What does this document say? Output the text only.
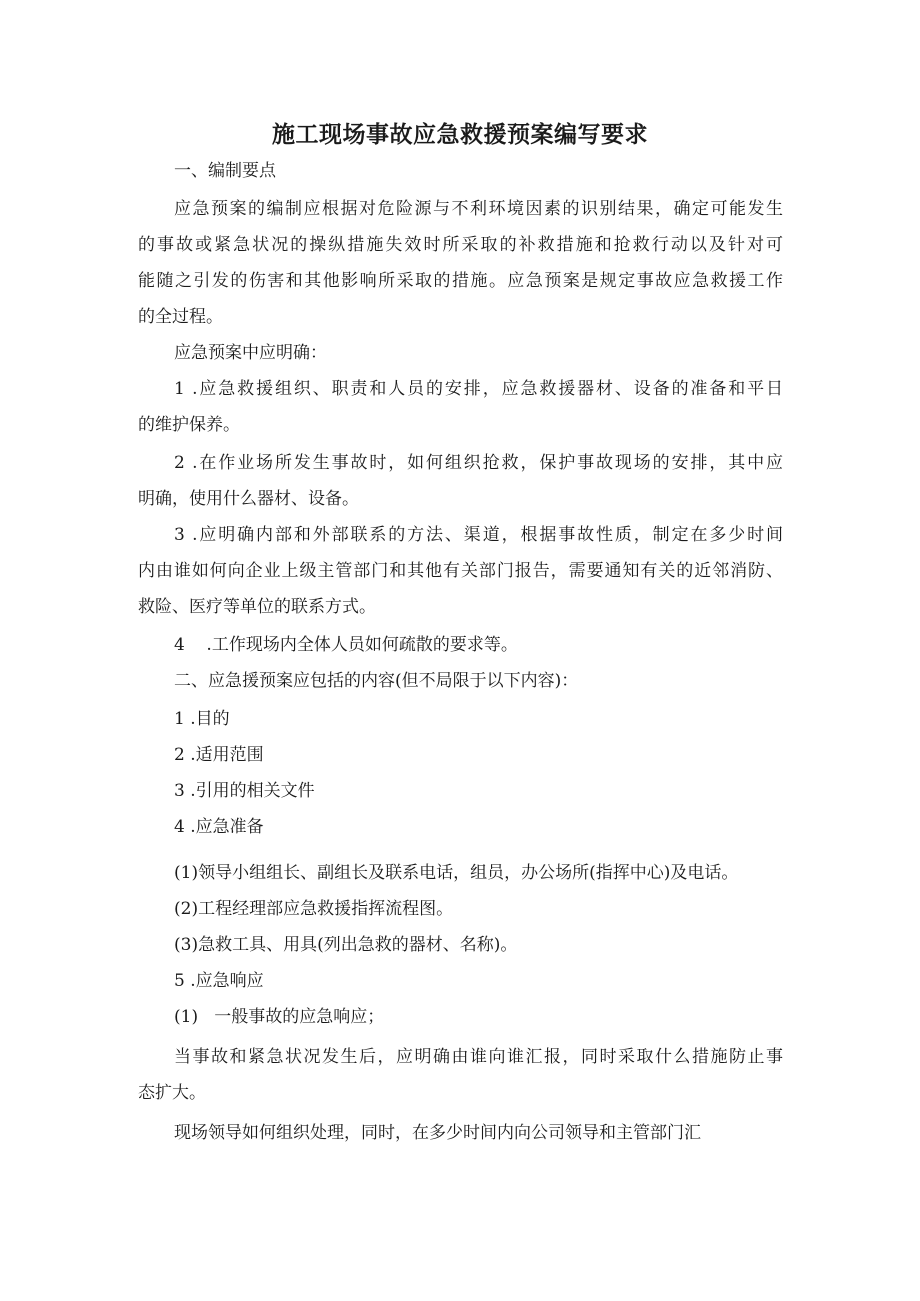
施工现场事故应急救援预案编写要求
一、编制要点
应急预案的编制应根据对危险源与不利环境因素的识别结果，确定可能发生
的事故或紧急状况的操纵措施失效时所采取的补救措施和抢救行动以及针对可
能随之引发的伤害和其他影响所采取的措施。应急预案是规定事故应急救援工作
的全过程。
应急预案中应明确：
1 .应急救援组织、职责和人员的安排，应急救援器材、设备的准备和平日
的维护保养。
2 .在作业场所发生事故时，如何组织抢救，保护事故现场的安排，其中应
明确，使用什么器材、设备。
3 .应明确内部和外部联系的方法、渠道，根据事故性质，制定在多少时间
内由谁如何向企业上级主管部门和其他有关部门报告，需要通知有关的近邻消防、
救险、医疗等单位的联系方式。
4    .工作现场内全体人员如何疏散的要求等。
二、应急援预案应包括的内容(但不局限于以下内容)：
1 .目的
2 .适用范围
3 .引用的相关文件
4 .应急准备
(1)领导小组组长、副组长及联系电话，组员，办公场所(指挥中心)及电话。
(2)工程经理部应急救援指挥流程图。
(3)急救工具、用具(列出急救的器材、名称)。
5 .应急响应
(1)   一般事故的应急响应；
当事故和紧急状况发生后，应明确由谁向谁汇报，同时采取什么措施防止事
态扩大。
现场领导如何组织处理，同时，在多少时间内向公司领导和主管部门汇
